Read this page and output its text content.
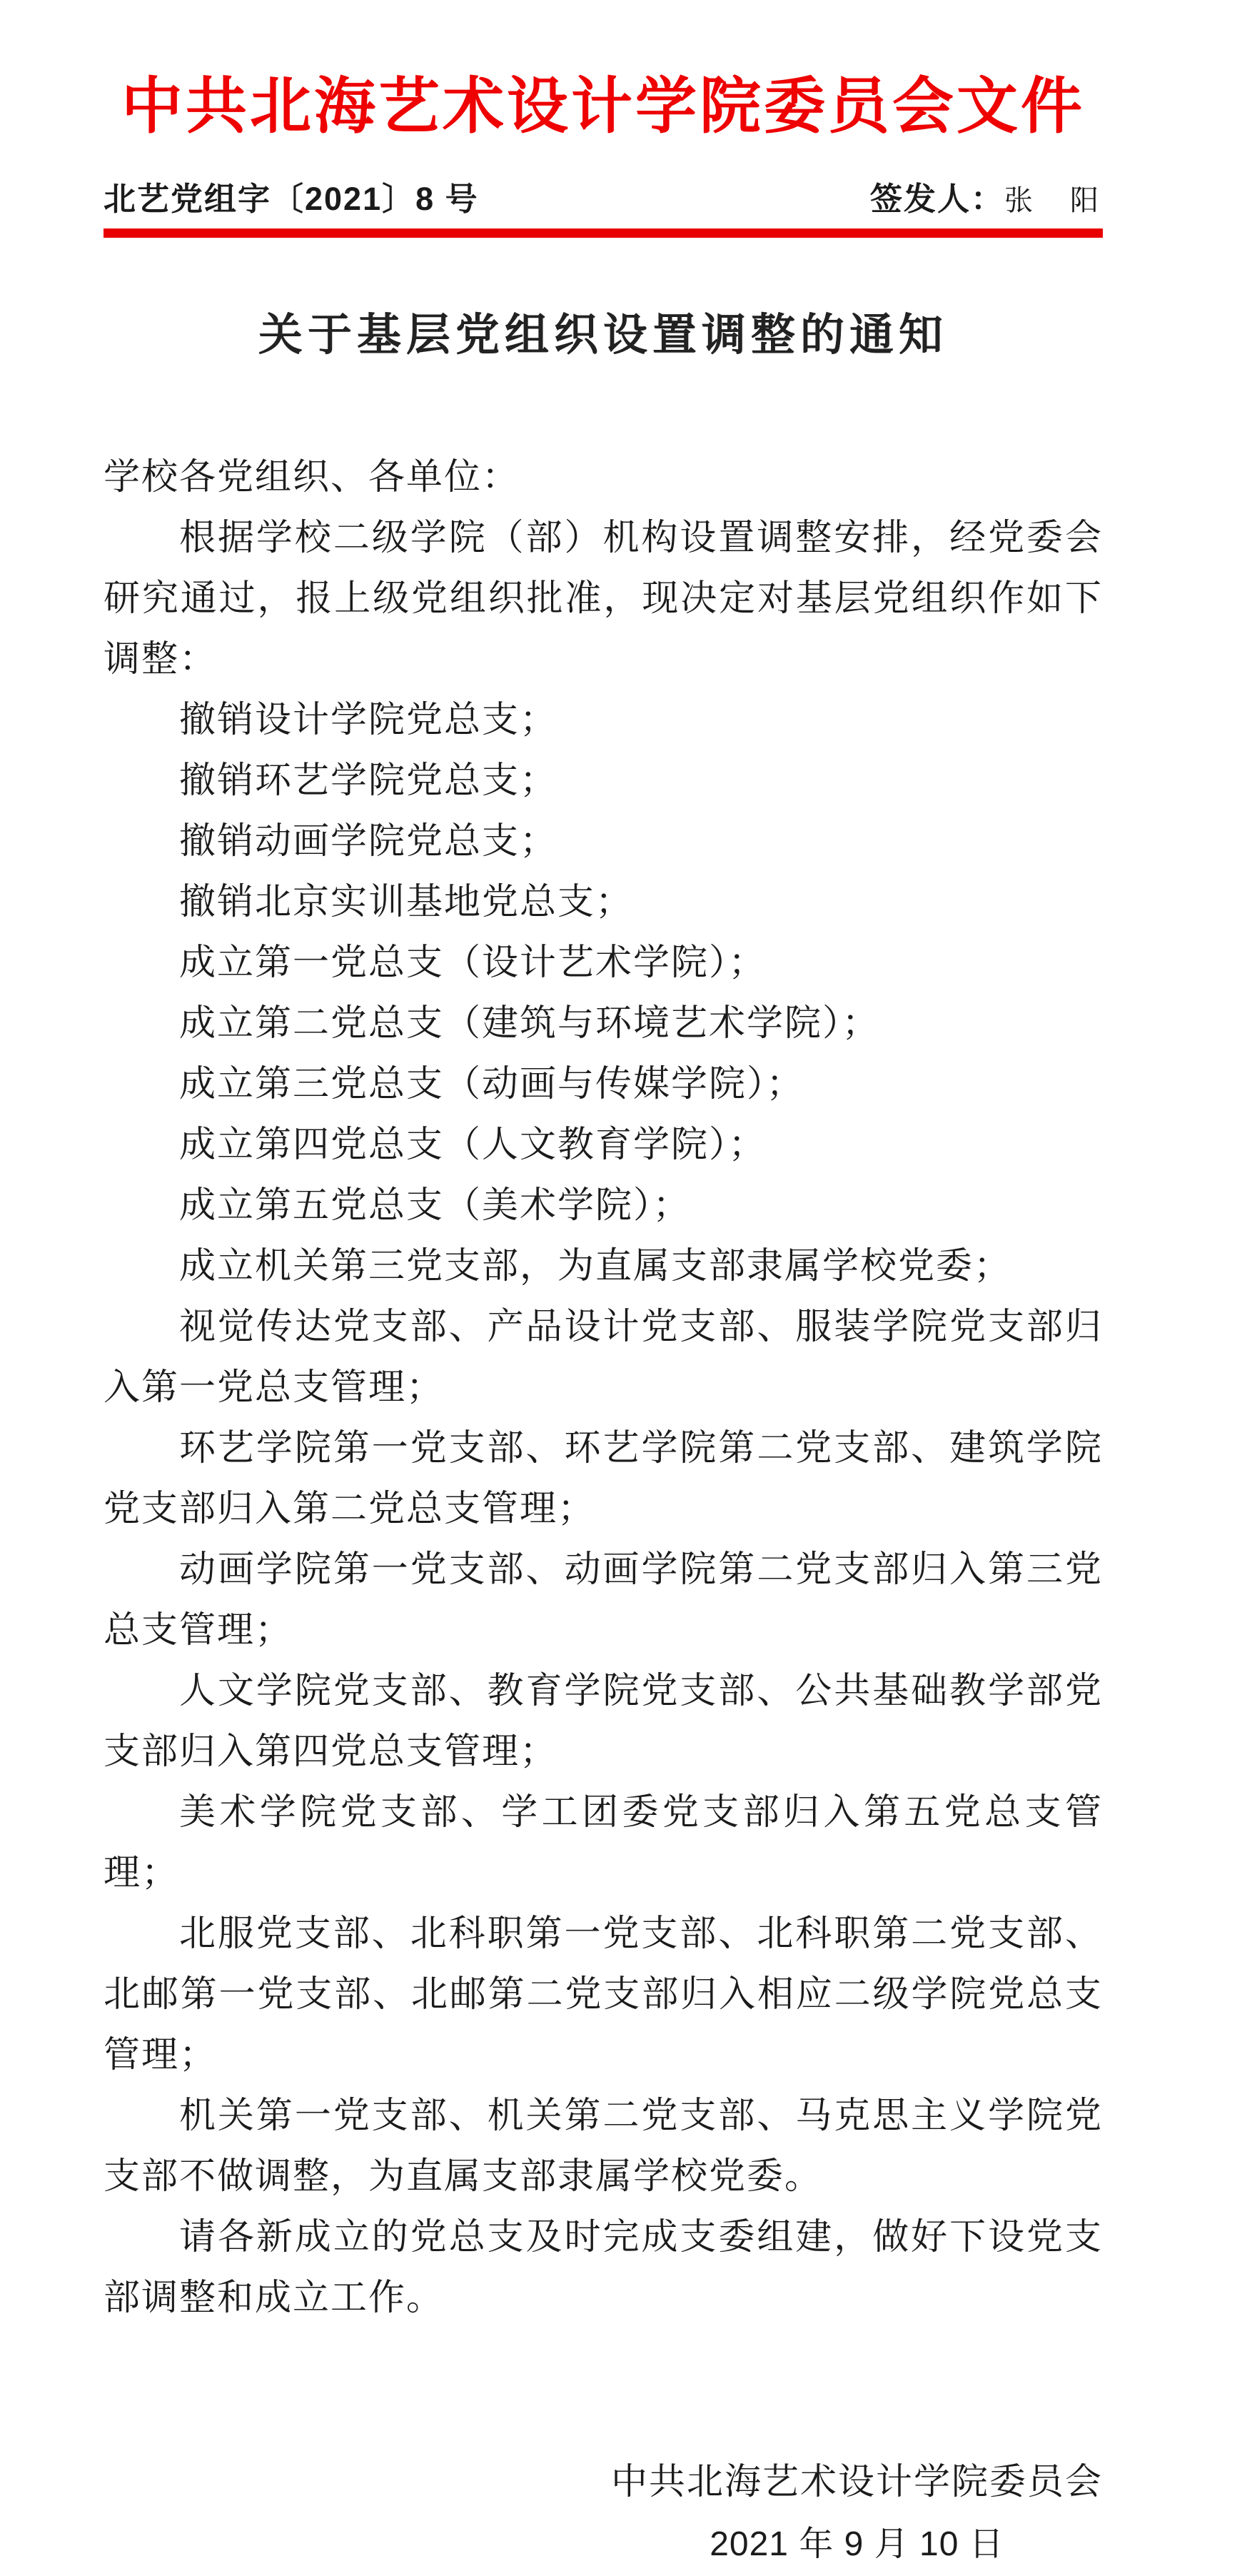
中共北海艺术设计学院委员会文件
北艺党组字〔2021〕8 号	签发人：张　阳
关于基层党组织设置调整的通知

学校各党组织、各单位：

根据学校二级学院（部）机构设置调整安排，经党委会研究通过，报上级党组织批准，现决定对基层党组织作如下调整：

撤销设计学院党总支；

撤销环艺学院党总支；

撤销动画学院党总支；

撤销北京实训基地党总支；

成立第一党总支（设计艺术学院）；

成立第二党总支（建筑与环境艺术学院）；

成立第三党总支（动画与传媒学院）；

成立第四党总支（人文教育学院）；

成立第五党总支（美术学院）；

成立机关第三党支部，为直属支部隶属学校党委；

视觉传达党支部、产品设计党支部、服装学院党支部归入第一党总支管理；

环艺学院第一党支部、环艺学院第二党支部、建筑学院党支部归入第二党总支管理；

动画学院第一党支部、动画学院第二党支部归入第三党总支管理；

人文学院党支部、教育学院党支部、公共基础教学部党支部归入第四党总支管理；

美术学院党支部、学工团委党支部归入第五党总支管理；

北服党支部、北科职第一党支部、北科职第二党支部、北邮第一党支部、北邮第二党支部归入相应二级学院党总支管理；

机关第一党支部、机关第二党支部、马克思主义学院党支部不做调整，为直属支部隶属学校党委。

请各新成立的党总支及时完成支委组建，做好下设党支部调整和成立工作。

中共北海艺术设计学院委员会
2021 年 9 月 10 日
